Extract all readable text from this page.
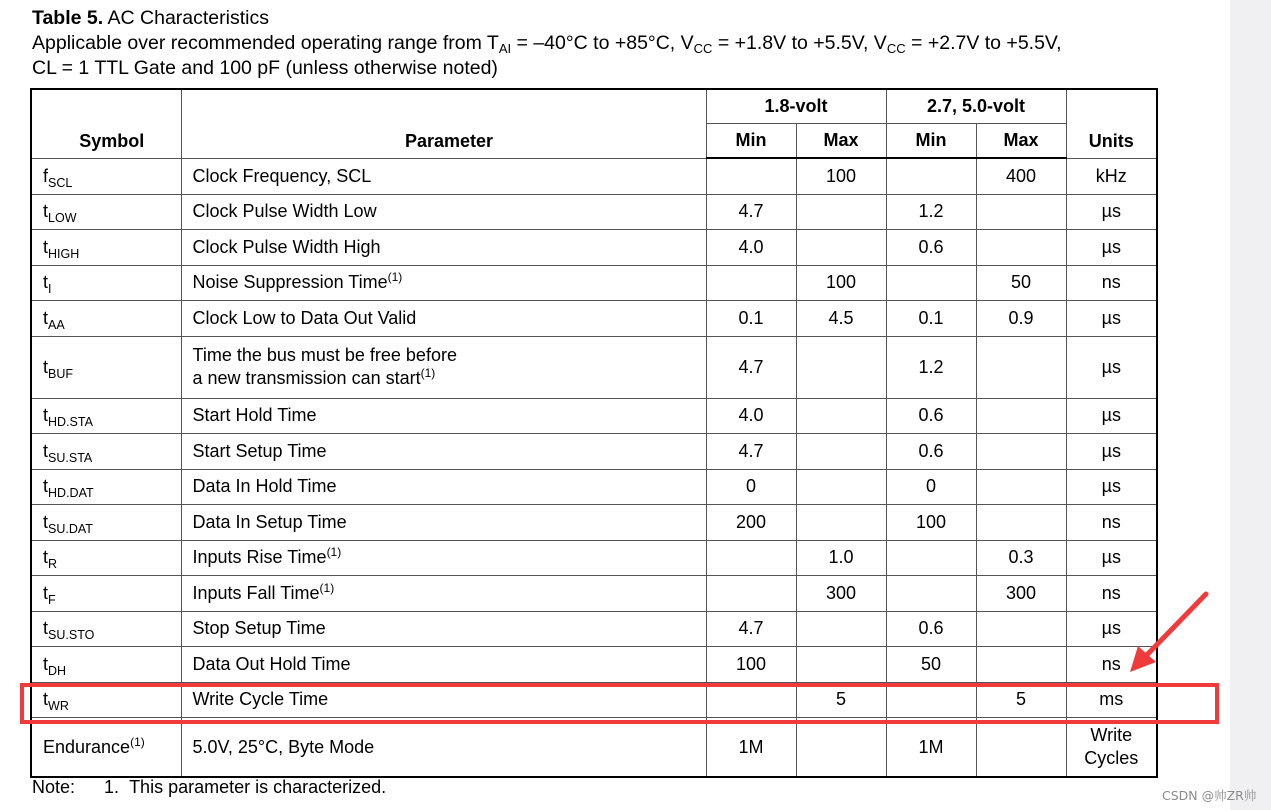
Table 5. AC Characteristics
Applicable over recommended operating range from $T_{AI} = -40^\circ C$ to +85°C, $V_{CC} = +1.8V$ to +5.5V, $V_{CC} = +2.7V$ to +5.5V,
CL = 1 TTL Gate and 100 pF (unless otherwise noted)
Symbol	Parameter	1.8-volt		2.7, 5.0-volt		Units
		Min	Max	Min	Max	
$f_{SCL}$	Clock Frequency, SCL		100		400	kHz
$t_{LOW}$	Clock Pulse Width Low	4.7		1.2		µs
$t_{HIGH}$	Clock Pulse Width High	4.0		0.6		µs
$t_I$	Noise Suppression Time$^{(1)}$		100		50	ns
$t_{AA}$	Clock Low to Data Out Valid	0.1	4.5	0.1	0.9	µs
$t_{BUF}$	Time the bus must be free before
a new transmission can start$^{(1)}$	4.7		1.2		µs
$t_{HD.STA}$	Start Hold Time	4.0		0.6		µs
$t_{SU.STA}$	Start Setup Time	4.7		0.6		µs
$t_{HD.DAT}$	Data In Hold Time	0		0		µs
$t_{SU.DAT}$	Data In Setup Time	200		100		ns
$t_R$	Inputs Rise Time$^{(1)}$		1.0		0.3	µs
$t_F$	Inputs Fall Time$^{(1)}$		300		300	ns
$t_{SU.STO}$	Stop Setup Time	4.7		0.6		µs
$t_{DH}$	Data Out Hold Time	100		50		ns
$t_{WR}$	Write Cycle Time		5		5	ms
Endurance$^{(1)}$	5.0V, 25°C, Byte Mode	1M		1M		Write
Cycles
Note: 1. This parameter is characterized.	CSDN @帅ZR帅
